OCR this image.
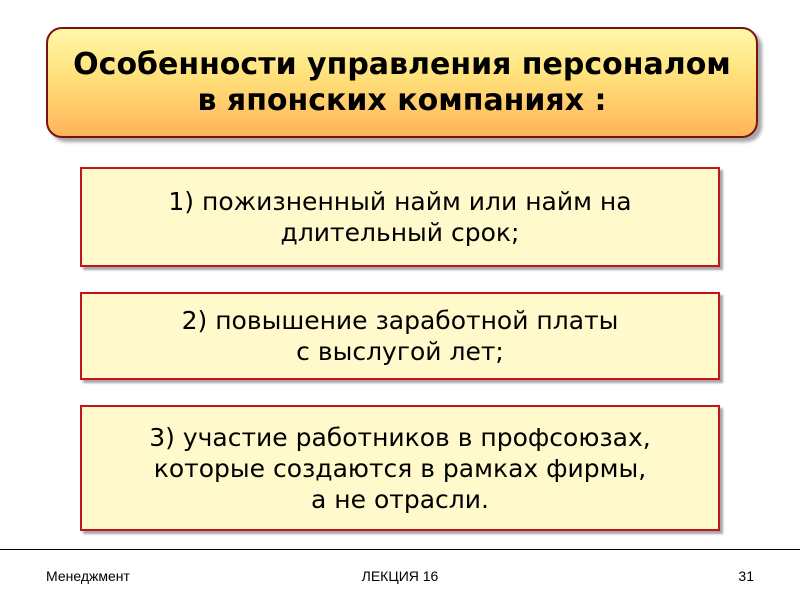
Особенности управления персоналом
в японских компаниях :
1) пожизненный найм или найм на
длительный срок;
2) повышение заработной платы
с выслугой лет;
3) участие работников в профсоюзах,
которые создаются в рамках фирмы,
а не отрасли.
Менеджмент	ЛЕКЦИЯ 16	31
